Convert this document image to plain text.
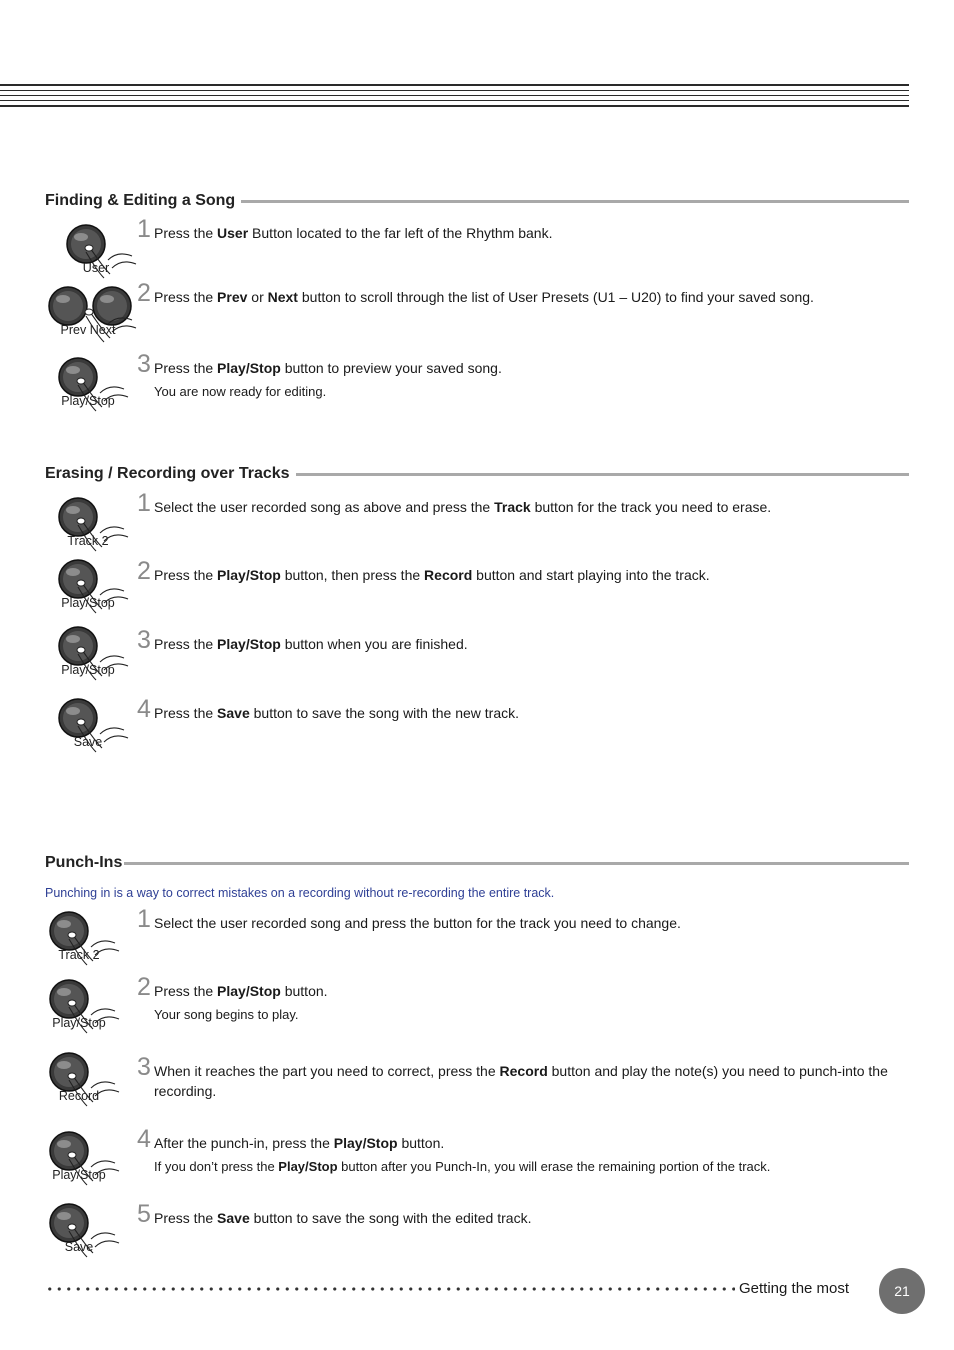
Finding & Editing a Song
User
1 Press the User Button located to the far left of the Rhythm bank.
Prev Next
2 Press the Prev or Next button to scroll through the list of User Presets (U1 – U20) to find your saved song.
Play/Stop
3 Press the Play/Stop button to preview your saved song.
You are now ready for editing.
Erasing / Recording over Tracks
Track 2
1 Select the user recorded song as above and press the Track button for the track you need to erase.
Play/Stop
2 Press the Play/Stop button, then press the Record button and start playing into the track.
Play/Stop
3 Press the Play/Stop button when you are finished.
Save
4 Press the Save button to save the song with the new track.
Punch-Ins
Punching in is a way to correct mistakes on a recording without re-recording the entire track.
Track 2
1 Select the user recorded song and press the button for the track you need to change.
Play/Stop
2 Press the Play/Stop button.
Your song begins to play.
Record
3 When it reaches the part you need to correct, press the Record button and play the note(s) you need to punch-into the recording.
Play/Stop
4 After the punch-in, press the Play/Stop button.
If you don’t press the Play/Stop button after you Punch-In, you will erase the remaining portion of the track.
Save
5 Press the Save button to save the song with the edited track.
Getting the most	21
